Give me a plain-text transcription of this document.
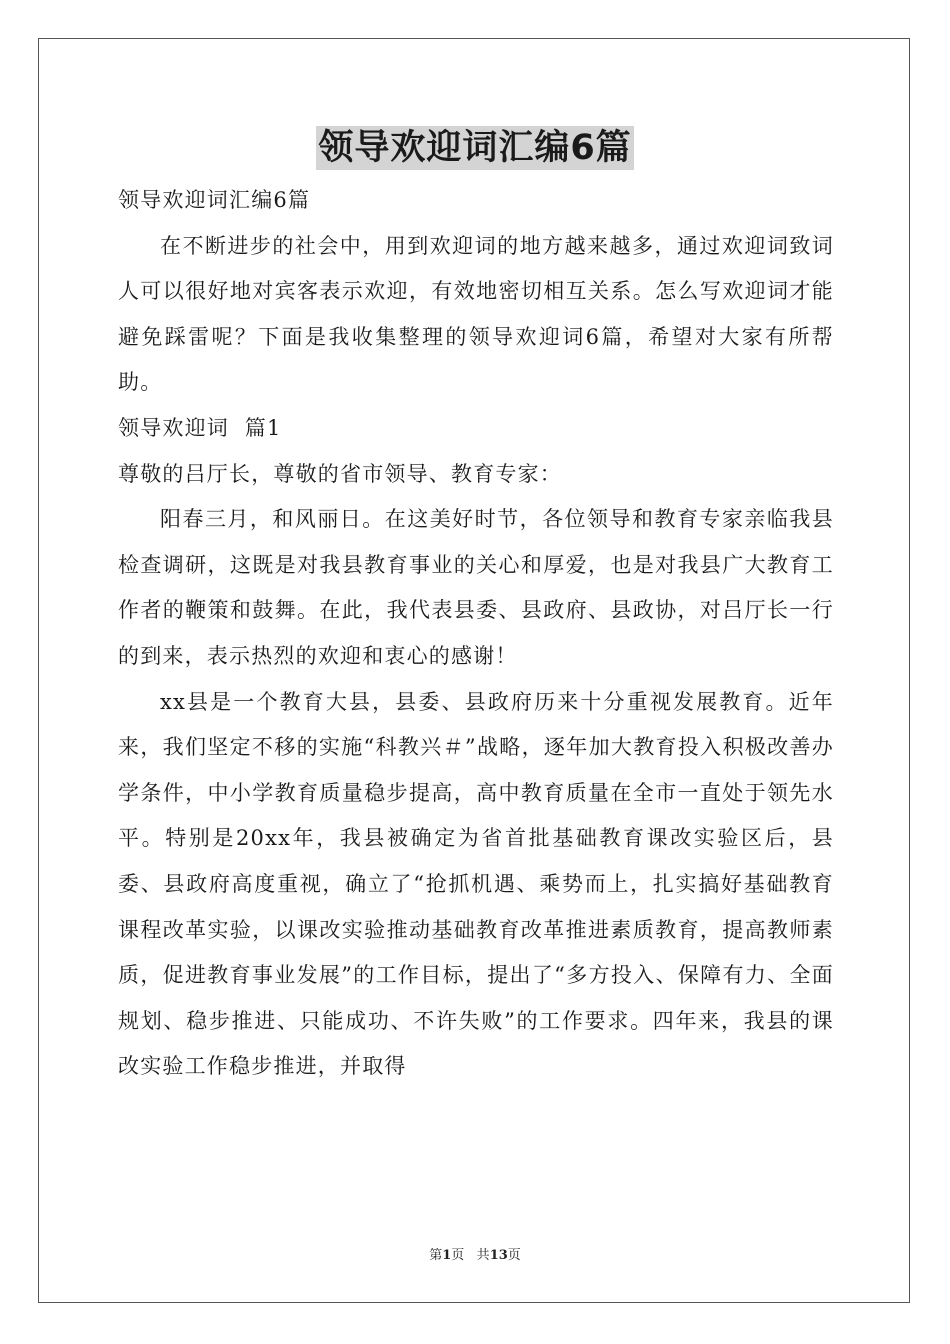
领导欢迎词汇编6篇

领导欢迎词汇编6篇

在不断进步的社会中，用到欢迎词的地方越来越多，通过欢迎词致词人可以很好地对宾客表示欢迎，有效地密切相互关系。怎么写欢迎词才能避免踩雷呢？下面是我收集整理的领导欢迎词6篇，希望对大家有所帮助。

领导欢迎词  篇1

尊敬的吕厅长，尊敬的省市领导、教育专家：

阳春三月，和风丽日。在这美好时节，各位领导和教育专家亲临我县检查调研，这既是对我县教育事业的关心和厚爱，也是对我县广大教育工作者的鞭策和鼓舞。在此，我代表县委、县政府、县政协，对吕厅长一行的到来，表示热烈的欢迎和衷心的感谢！

xx县是一个教育大县，县委、县政府历来十分重视发展教育。近年来，我们坚定不移的实施“科教兴＃”战略，逐年加大教育投入积极改善办学条件，中小学教育质量稳步提高，高中教育质量在全市一直处于领先水平。特别是20xx年，我县被确定为省首批基础教育课改实验区后，县委、县政府高度重视，确立了“抢抓机遇、乘势而上，扎实搞好基础教育课程改革实验，以课改实验推动基础教育改革推进素质教育，提高教师素质，促进教育事业发展”的工作目标，提出了“多方投入、保障有力、全面规划、稳步推进、只能成功、不许失败”的工作要求。四年来，我县的课改实验工作稳步推进，并取得

第1页 共13页
